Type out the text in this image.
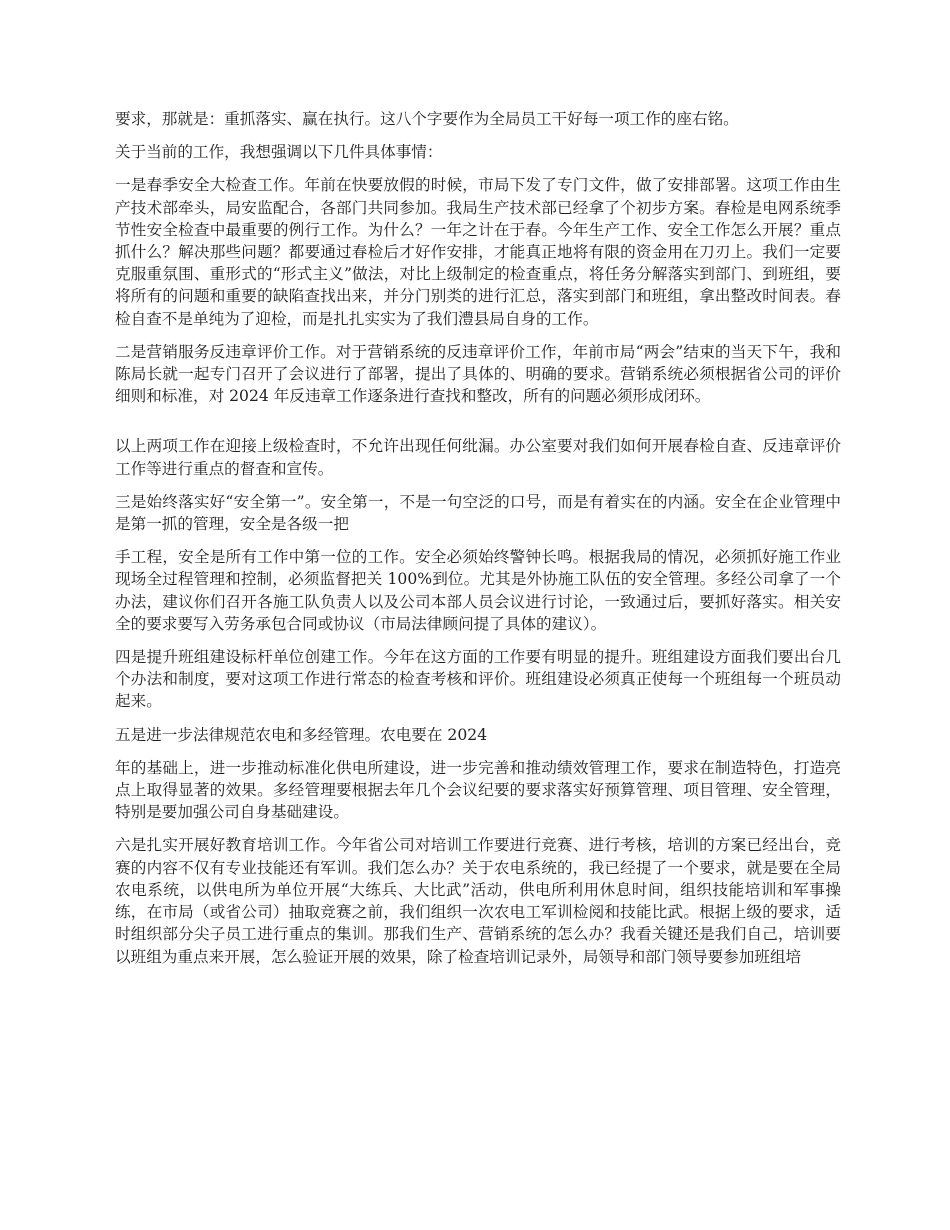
要求，那就是：重抓落实、赢在执行。这八个字要作为全局员工干好每一项工作的座右铭。

关于当前的工作，我想强调以下几件具体事情：

一是春季安全大检查工作。年前在快要放假的时候，市局下发了专门文件，做了安排部署。这项工作由生产技术部牵头，局安监配合，各部门共同参加。我局生产技术部已经拿了个初步方案。春检是电网系统季节性安全检查中最重要的例行工作。为什么？一年之计在于春。今年生产工作、安全工作怎么开展？重点抓什么？解决那些问题？都要通过春检后才好作安排，才能真正地将有限的资金用在刀刃上。我们一定要克服重氛围、重形式的“形式主义”做法，对比上级制定的检查重点，将任务分解落实到部门、到班组，要将所有的问题和重要的缺陷查找出来，并分门别类的进行汇总，落实到部门和班组，拿出整改时间表。春检自查不是单纯为了迎检，而是扎扎实实为了我们澧县局自身的工作。

二是营销服务反违章评价工作。对于营销系统的反违章评价工作，年前市局“两会”结束的当天下午，我和陈局长就一起专门召开了会议进行了部署，提出了具体的、明确的要求。营销系统必须根据省公司的评价细则和标准，对 2024 年反违章工作逐条进行查找和整改，所有的问题必须形成闭环。

以上两项工作在迎接上级检查时，不允许出现任何纰漏。办公室要对我们如何开展春检自查、反违章评价工作等进行重点的督查和宣传。

三是始终落实好“安全第一”。安全第一，不是一句空泛的口号，而是有着实在的内涵。安全在企业管理中是第一抓的管理，安全是各级一把

手工程，安全是所有工作中第一位的工作。安全必须始终警钟长鸣。根据我局的情况，必须抓好施工作业现场全过程管理和控制，必须监督把关 100%到位。尤其是外协施工队伍的安全管理。多经公司拿了一个办法，建议你们召开各施工队负责人以及公司本部人员会议进行讨论，一致通过后，要抓好落实。相关安全的要求要写入劳务承包合同或协议（市局法律顾问提了具体的建议）。

四是提升班组建设标杆单位创建工作。今年在这方面的工作要有明显的提升。班组建设方面我们要出台几个办法和制度，要对这项工作进行常态的检查考核和评价。班组建设必须真正使每一个班组每一个班员动起来。

五是进一步法律规范农电和多经管理。农电要在 2024

年的基础上，进一步推动标准化供电所建设，进一步完善和推动绩效管理工作，要求在制造特色，打造亮点上取得显著的效果。多经管理要根据去年几个会议纪要的要求落实好预算管理、项目管理、安全管理，特别是要加强公司自身基础建设。

六是扎实开展好教育培训工作。今年省公司对培训工作要进行竞赛、进行考核，培训的方案已经出台，竞赛的内容不仅有专业技能还有军训。我们怎么办？关于农电系统的，我已经提了一个要求，就是要在全局农电系统，以供电所为单位开展“大练兵、大比武”活动，供电所利用休息时间，组织技能培训和军事操练，在市局（或省公司）抽取竞赛之前，我们组织一次农电工军训检阅和技能比武。根据上级的要求，适时组织部分尖子员工进行重点的集训。那我们生产、营销系统的怎么办？我看关键还是我们自己，培训要以班组为重点来开展，怎么验证开展的效果，除了检查培训记录外，局领导和部门领导要参加班组培
